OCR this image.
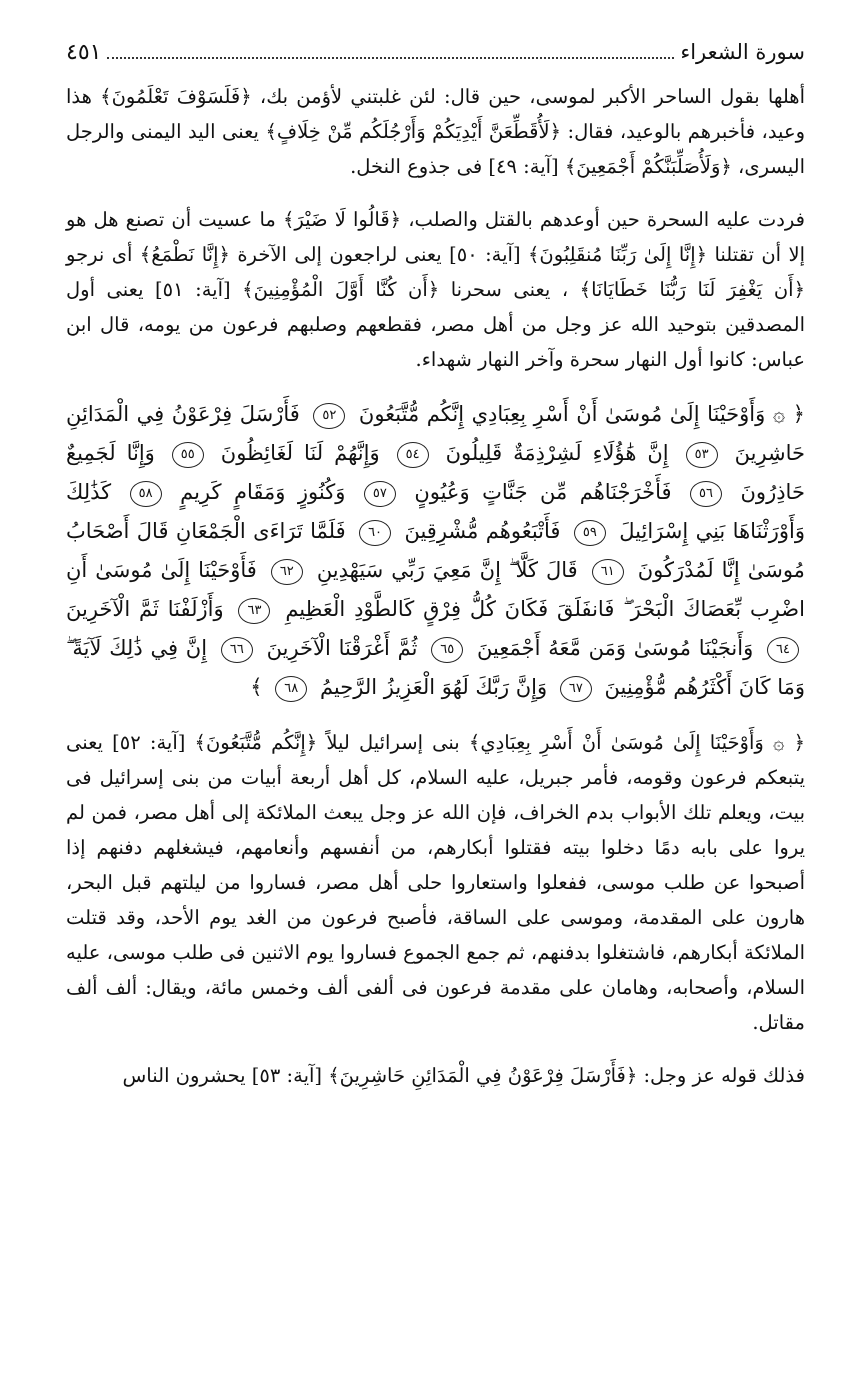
سورة الشعراء
٤٥١

أهلها بقول الساحر الأكبر لموسى، حين قال: لئن غلبتني لأؤمن بك، ﴿فَلَسَوْفَ تَعْلَمُونَ﴾ هذا وعيد، فأخبرهم بالوعيد، فقال: ﴿لَأُقَطِّعَنَّ أَيْدِيَكُمْ وَأَرْجُلَكُم مِّنْ خِلَافٍ﴾ يعنى اليد اليمنى والرجل اليسرى، ﴿وَلَأُصَلِّبَنَّكُمْ أَجْمَعِينَ﴾ [آية: ٤٩] فى جذوع النخل.

فردت عليه السحرة حين أوعدهم بالقتل والصلب، ﴿قَالُوا لَا ضَيْرَ﴾ ما عسيت أن تصنع هل هو إلا أن تقتلنا ﴿إِنَّا إِلَىٰ رَبِّنَا مُنقَلِبُونَ﴾ [آية: ٥٠] يعنى لراجعون إلى الآخرة ﴿إِنَّا نَطْمَعُ﴾ أى نرجو ﴿أَن يَغْفِرَ لَنَا رَبُّنَا خَطَايَانَا﴾ ، يعنى سحرنا ﴿أَن كُنَّا أَوَّلَ الْمُؤْمِنِينَ﴾ [آية: ٥١] يعنى أول المصدقين بتوحيد الله عز وجل من أهل مصر، فقطعهم وصلبهم فرعون من يومه، قال ابن عباس: كانوا أول النهار سحرة وآخر النهار شهداء.

﴿ ۞ وَأَوْحَيْنَا إِلَىٰ مُوسَىٰ أَنْ أَسْرِ بِعِبَادِي إِنَّكُم مُّتَّبَعُونَ ٥٢ فَأَرْسَلَ فِرْعَوْنُ فِي الْمَدَائِنِ حَاشِرِينَ ٥٣ إِنَّ هَٰؤُلَاءِ لَشِرْذِمَةٌ قَلِيلُونَ ٥٤ وَإِنَّهُمْ لَنَا لَغَائِظُونَ ٥٥ وَإِنَّا لَجَمِيعٌ حَاذِرُونَ ٥٦ فَأَخْرَجْنَاهُم مِّن جَنَّاتٍ وَعُيُونٍ ٥٧ وَكُنُوزٍ وَمَقَامٍ كَرِيمٍ ٥٨ كَذَٰلِكَ وَأَوْرَثْنَاهَا بَنِي إِسْرَائِيلَ ٥٩ فَأَتْبَعُوهُم مُّشْرِقِينَ ٦٠ فَلَمَّا تَرَاءَى الْجَمْعَانِ قَالَ أَصْحَابُ مُوسَىٰ إِنَّا لَمُدْرَكُونَ ٦١ قَالَ كَلَّا ۖ إِنَّ مَعِيَ رَبِّي سَيَهْدِينِ ٦٢ فَأَوْحَيْنَا إِلَىٰ مُوسَىٰ أَنِ اضْرِب بِّعَصَاكَ الْبَحْرَ ۖ فَانفَلَقَ فَكَانَ كُلُّ فِرْقٍ كَالطَّوْدِ الْعَظِيمِ ٦٣ وَأَزْلَفْنَا ثَمَّ الْآخَرِينَ ٦٤ وَأَنجَيْنَا مُوسَىٰ وَمَن مَّعَهُ أَجْمَعِينَ ٦٥ ثُمَّ أَغْرَقْنَا الْآخَرِينَ ٦٦ إِنَّ فِي ذَٰلِكَ لَآيَةً ۖ وَمَا كَانَ أَكْثَرُهُم مُّؤْمِنِينَ ٦٧ وَإِنَّ رَبَّكَ لَهُوَ الْعَزِيزُ الرَّحِيمُ ٦٨ ﴾

﴿ ۞ وَأَوْحَيْنَا إِلَىٰ مُوسَىٰ أَنْ أَسْرِ بِعِبَادِي﴾ بنى إسرائيل ليلاً ﴿إِنَّكُم مُّتَّبَعُونَ﴾ [آية: ٥٢] يعنى يتبعكم فرعون وقومه، فأمر جبريل، عليه السلام، كل أهل أربعة أبيات من بنى إسرائيل فى بيت، ويعلم تلك الأبواب بدم الخراف، فإن الله عز وجل يبعث الملائكة إلى أهل مصر، فمن لم يروا على بابه دمًا دخلوا بيته فقتلوا أبكارهم، من أنفسهم وأنعامهم، فيشغلهم دفنهم إذا أصبحوا عن طلب موسى، ففعلوا واستعاروا حلى أهل مصر، فساروا من ليلتهم قبل البحر، هارون على المقدمة، وموسى على الساقة، فأصبح فرعون من الغد يوم الأحد، وقد قتلت الملائكة أبكارهم، فاشتغلوا بدفنهم، ثم جمع الجموع فساروا يوم الاثنين فى طلب موسى، عليه السلام، وأصحابه، وهامان على مقدمة فرعون فى ألفى ألف وخمس مائة، ويقال: ألف ألف مقاتل.

فذلك قوله عز وجل: ﴿فَأَرْسَلَ فِرْعَوْنُ فِي الْمَدَائِنِ حَاشِرِينَ﴾ [آية: ٥٣] يحشرون الناس
